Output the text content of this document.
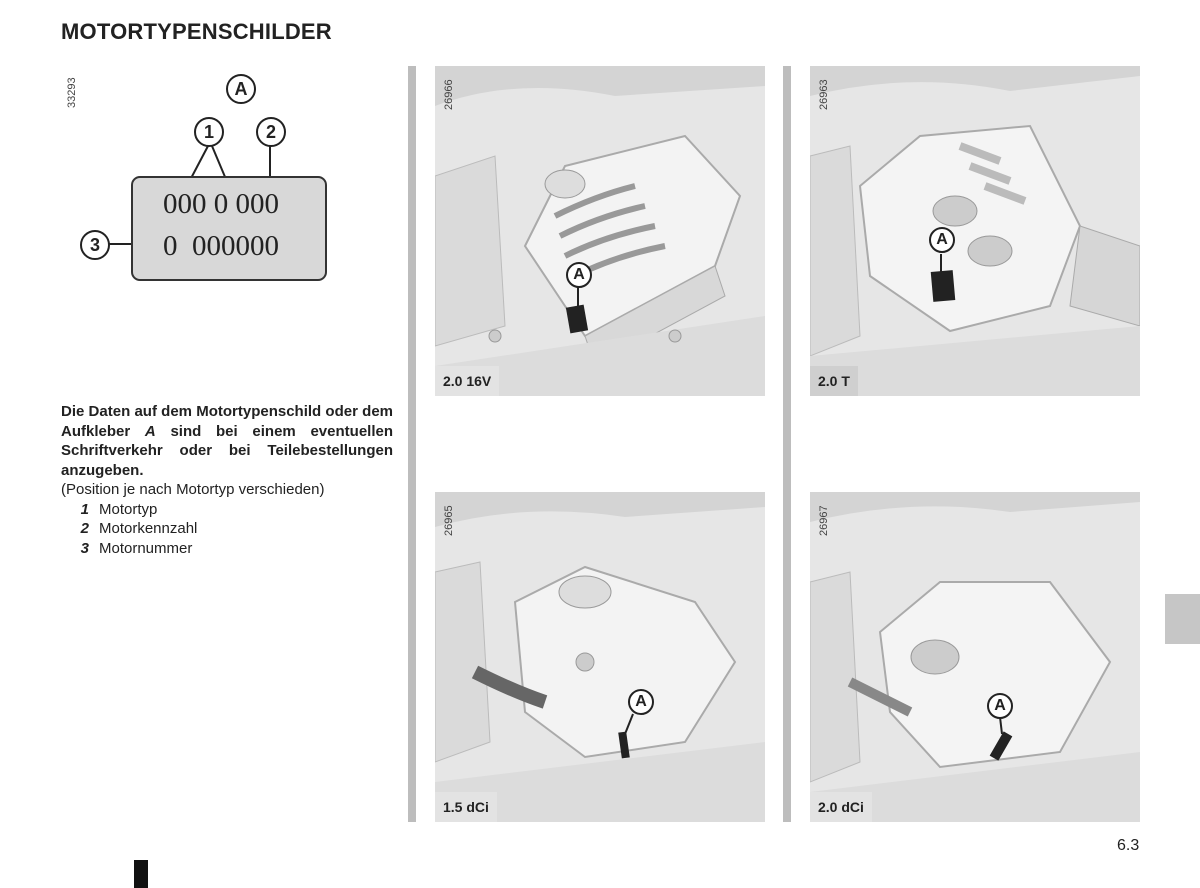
MOTORTYPENSCHILDER
33293	A
1	2
000 0 000
0  000000
3
Die Daten auf dem Motortypenschild oder dem Aufkleber A sind bei einem eventuellen Schriftverkehr oder bei Teilebestellungen anzugeben.
(Position je nach Motortyp verschieden)
1 Motortyp
2 Motorkennzahl
3 Motornummer
A
26966
2.0 16V
A
26963
2.0 T
A
26965
1.5 dCi
A
26967
2.0 dCi
6.3
